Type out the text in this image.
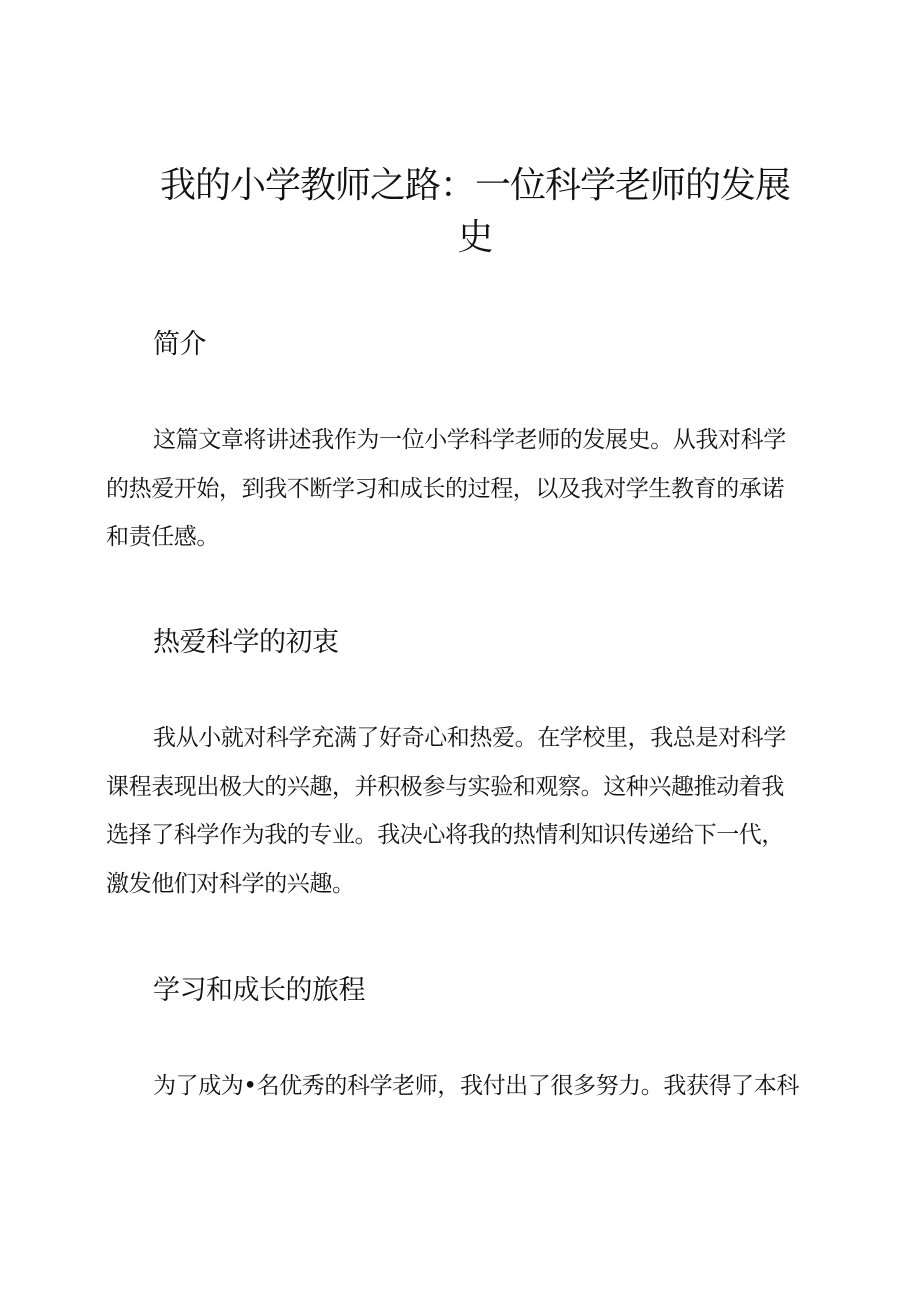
我的小学教师之路：一位科学老师的发展
史
简介

这篇文章将讲述我作为一位小学科学老师的发展史。从我对科学
的热爱开始，到我不断学习和成长的过程，以及我对学生教育的承诺
和责任感。

热爱科学的初衷

我从小就对科学充满了好奇心和热爱。在学校里，我总是对科学
课程表现出极大的兴趣，并积极参与实验和观察。这种兴趣推动着我
选择了科学作为我的专业。我决心将我的热情利知识传递给下一代，
激发他们对科学的兴趣。

学习和成长的旅程

为了成为•名优秀的科学老师，我付出了很多努力。我获得了本科
